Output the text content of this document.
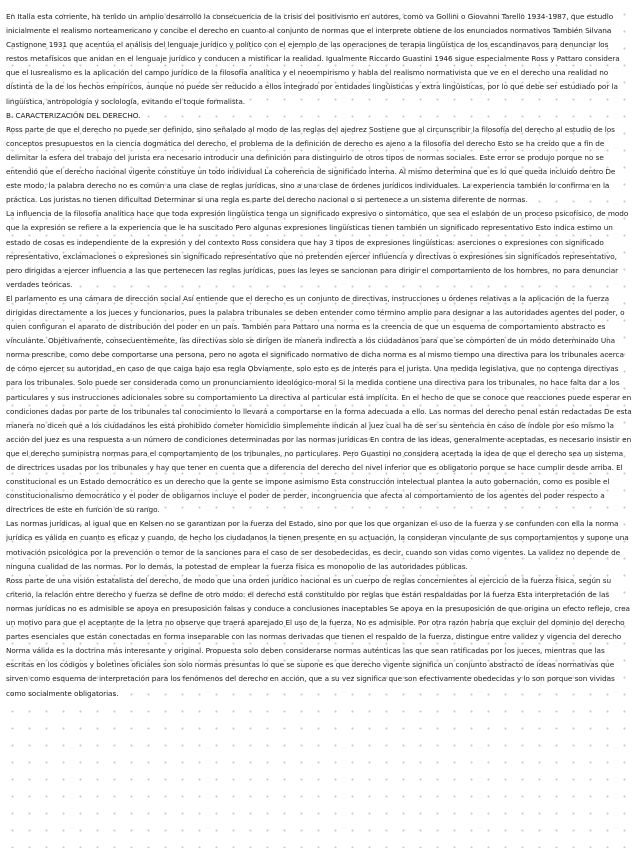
En Italia esta corriente, ha tenido un amplio desarrollo la consecuencia de la crisis del positivismo en autores, como va Gollini o Giovanni Tarello 1934-1987, que estudio inicialmente el realismo norteamericano y concibe el derecho en cuanto al conjunto de normas que el interprete obtiene de los enunciados normativos También Silvana Castignone 1931 que acentúa el análisis del lenguaje jurídico y político con el ejemplo de las operaciones de terapia lingüística de los escandinavos para denunciar los restos metafísicos que anidan en el lenguaje jurídico y conducen a mistificar la realidad. Igualmente Riccardo Guastini 1946 sigue especialmente Ross y Pattaro considera que el Iusrealismo es la aplicación del campo jurídico de la filosofía analítica y el neoempirismo y habla del realismo normativista que ve en el derecho una realidad no distinta de la de los hechos empíricos, aunque no puede ser reducido a ellos integrado por entidades lingüísticas y extra lingüísticas, por lo que debe ser estudiado por la lingüística, antropología y sociología, evitando el toque formalista.

B. CARACTERIZACIÓN DEL DERECHO.

Ross parte de que el derecho no puede ser definido, sino señalado al modo de las reglas del ajedrez Sostiene que al circunscribir la filosofía del derecho al estudio de los conceptos presupuestos en la ciencia dogmática del derecho, el problema de la definición de derecho es ajeno a la filosofía del derecho Esto se ha creído que a fin de delimitar la esfera del trabajo del jurista era necesario introducir una definición para distinguirlo de otros tipos de normas sociales. Este error se produjo porque no se entendió que el derecho nacional vigente constituye un todo individual La coherencia de significado interna. Al mismo determina que es lo que queda incluido dentro De este modo, la palabra derecho no es común a una clase de reglas jurídicas, sino a una clase de órdenes jurídicos individuales. La experiencia también lo confirma en la práctica. Los juristas no tienen dificultad Determinar si una regla es parte del derecho nacional o si pertenece a un sistema diferente de normas.

La influencia de la filosofía analítica hace que toda expresión lingüística tenga un significado expresivo o sintomático, que sea el eslabón de un proceso psicofísico, de modo que la expresión se refiere a la experiencia que le ha suscitado Pero algunas expresiones lingüísticas tienen también un significado representativo Esto indica estimo un estado de cosas es independiente de la expresión y del contexto Ross considera que hay 3 tipos de expresiones lingüísticas: aserciones o expresiones con significado representativo, exclamaciones o expresiones sin significado representativo que no pretenden ejercer influencia y directivas o expresiones sin significados representativo, pero dirigidas a ejercer influencia a las que pertenecen las reglas jurídicas, pues las leyes se sancionan para dirigir el comportamiento de los hombres, no para denunciar verdades teóricas.

El parlamento es una cámara de dirección social Así entiende que el derecho es un conjunto de directivas, instrucciones u órdenes relativas a la aplicación de la fuerza dirigidas directamente a los jueces y funcionarios, pues la palabra tribunales se deben entender como término amplio para designar a las autoridades agentes del poder, o quien configuran el aparato de distribución del poder en un país. También para Pattaro una norma es la creencia de que un esquema de comportamiento abstracto es vinculante. Objetivamente, consecuentemente, las directivas solo se dirigen de manera indirecta a los ciudadanos para que se comporten de un modo determinado Una norma prescribe, como debe comportarse una persona, pero no agota el significado normativo de dicha norma es al mismo tiempo una directiva para los tribunales acerca de cómo ejercer su autoridad, en caso de que caiga bajo esa regla Obviamente, solo esto es de interés para el jurista. Una medida legislativa, que no contenga directivas para los tribunales. Solo puede ser considerada como un pronunciamiento ideológico-moral Si la medida contiene una directiva para los tribunales, no hace falta dar a los particulares y sus instrucciones adicionales sobre su comportamiento La directiva al particular está implícita. En el hecho de que se conoce que reacciones puede esperar en condiciones dadas por parte de los tribunales tal conocimiento lo llevará a comportarse en la forma adecuada a ello. Las normas del derecho penal están redactadas De esta manera no dicen que a los ciudadanos les está prohibido cometer homicidio simplemente indican al juez cual ha de ser su sentencia en caso de índole por eso mismo la acción del juez es una respuesta a un número de condiciones determinadas por las normas jurídicas En contra de las ideas, generalmente aceptadas, es necesario insistir en que el derecho suministra normas para el comportamiento de los tribunales, no particulares. Pero Guastini no considera acertada la idea de que el derecho sea un sistema de directrices usadas por los tribunales y hay que tener en cuenta que a diferencia del derecho del nivel inferior que es obligatorio porque se hace cumplir desde arriba. El constitucional es un Estado democrático es un derecho que la gente se impone asimismo Esta construcción intelectual plantea la auto gobernación, como es posible el constitucionalismo democrático y el poder de obligarnos incluye el poder de perder, incongruencia que afecta al comportamiento de los agentes del poder respecto a directrices de este en función de su rango.

Las normas jurídicas, al igual que en Kelsen no se garantizan por la fuerza del Estado, sino por que los que organizan el uso de la fuerza y se confunden con ella la norma jurídica es válida en cuanto es eficaz y cuando, de hecho los ciudadanos la tienen presente en su actuación, la consideran vinculante de sus comportamientos y supone una motivación psicológica por la prevención o temor de la sanciones para el caso de ser desobedecidas, es decir, cuando son vidas como vigentes. La validez no depende de ninguna cualidad de las normas. Por lo demás, la potestad de emplear la fuerza física es monopolio de las autoridades públicas.

Ross parte de una visión estatalista del derecho, de modo que una orden jurídico nacional es un cuerpo de reglas concernientes al ejercicio de la fuerza física, según su criterio, la relación entre derecho y fuerza se define de otro modo: el derecho está constituido por reglas que están respaldadas por la fuerza Esta interpretación de las normas jurídicas no es admisible se apoya en presuposición falsas y conduce a conclusiones inaceptables Se apoya en la presuposición de que origina un efecto reflejo, crea un motivo para que el aceptante de la letra no observe que traerá aparejado El uso de la fuerza. No es admisible. Por otra razón habría que excluir del dominio del derecho partes esenciales que están conectadas en forma inseparable con las normas derivadas que tienen el respaldo de la fuerza, distingue entre validez y vigencia del derecho Norma válida es la doctrina más interesante y original. Propuesta solo deben considerarse normas auténticas las que sean ratificadas por los jueces, mientras que las escritas en los códigos y boletines oficiales son solo normas presuntas lo que se supone es que derecho vigente significa un conjunto abstracto de ideas normativas que sirven como esquema de interpretación para los fenómenos del derecho en acción, que a su vez significa que son efectivamente obedecidas y lo son porque son vividas como socialmente obligatorias.
